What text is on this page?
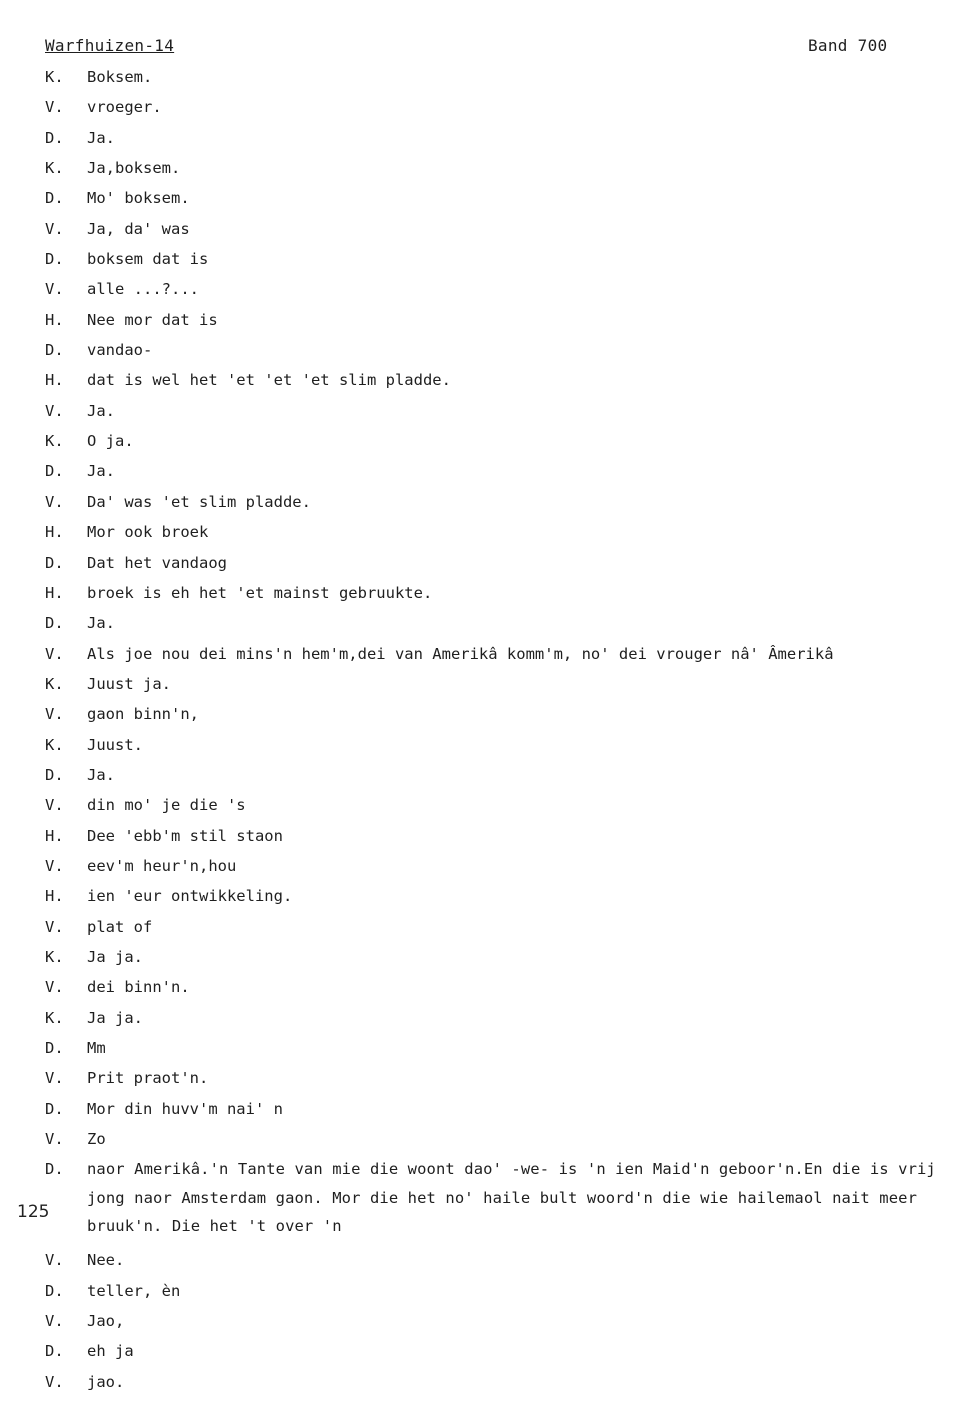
Warfhuizen-14	Band 700
125
K.	Boksem.
V.	vroeger.
D.	Ja.
K.	Ja,boksem.
D.	Mo' boksem.
V.	Ja, da' was
D.	boksem dat is
V.	alle ...?...
H.	Nee mor dat is
D.	vandao-
H.	dat is wel het 'et 'et 'et slim pladde.
V.	Ja.
K.	O ja.
D.	Ja.
V.	Da' was 'et slim pladde.
H.	Mor ook broek
D.	Dat het vandaog
H.	broek is eh het 'et mainst gebruukte.
D.	Ja.
V.	Als joe nou dei mins'n hem'm,dei van Amerikâ komm'm, no' dei vrouger nâ' Âmerikâ
K.	Juust ja.
V.	gaon binn'n,
K.	Juust.
D.	Ja.
V.	din mo' je die 's
H.	Dee 'ebb'm stil staon
V.	eev'm heur'n,hou
H.	ien 'eur ontwikkeling.
V.	plat of
K.	Ja ja.
V.	dei binn'n.
K.	Ja ja.
D.	Mm
V.	Prit praot'n.
D.	Mor din huvv'm nai' n
V.	Zo
D.	naor Amerikâ.'n Tante van mie die woont dao' -we- is 'n ien Maid'n geboor'n.En die is vrij jong naor Amsterdam gaon. Mor die het no' haile bult woord'n die wie hailemaol nait meer bruuk'n. Die het 't over 'n
V.	Nee.
D.	teller, èn
V.	Jao,
D.	eh ja
V.	jao.
